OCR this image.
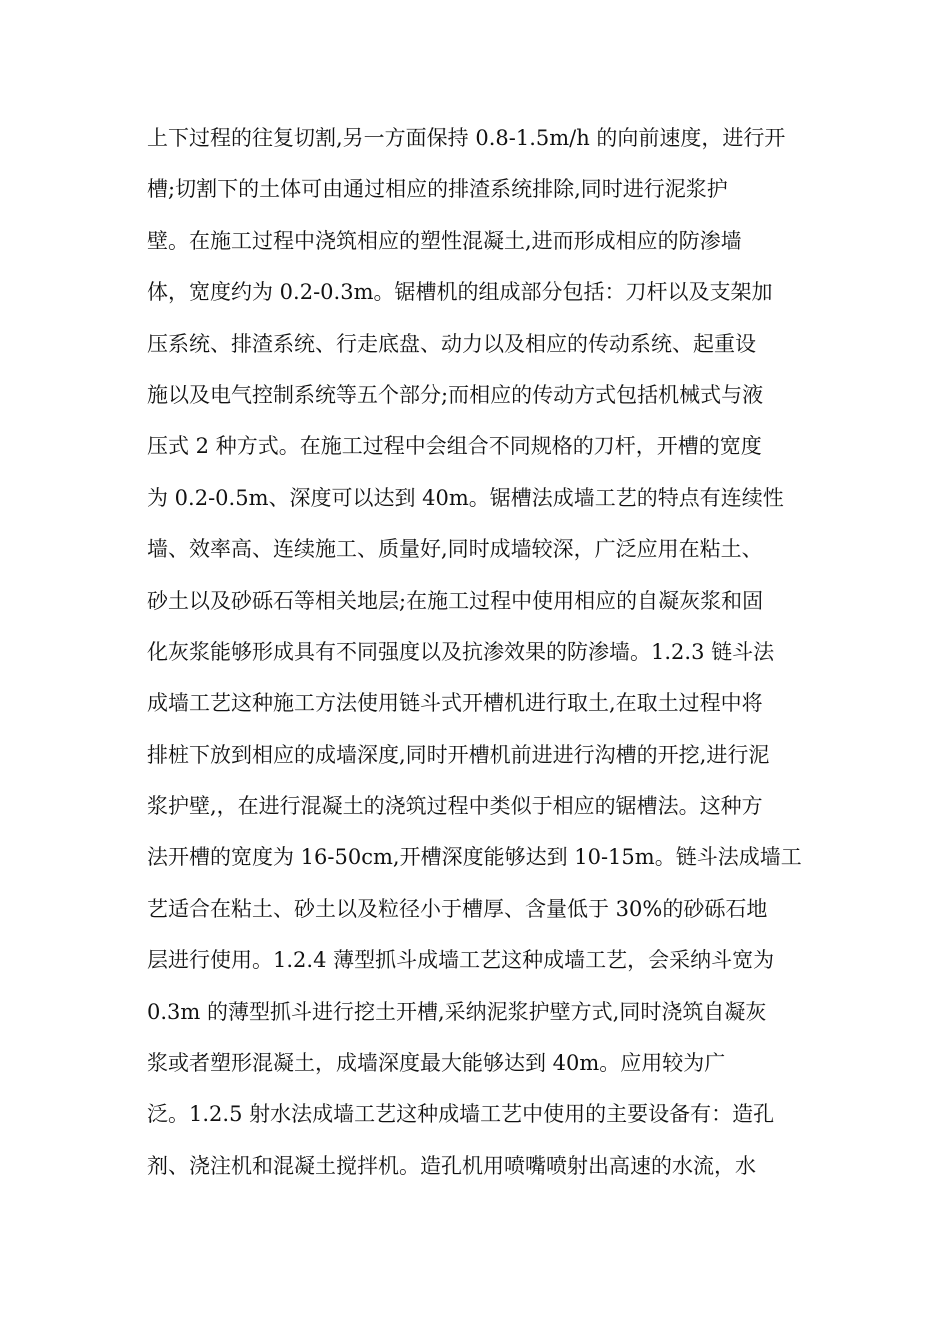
上下过程的往复切割,另一方面保持 0.8-1.5m/h 的向前速度，进行开
槽;切割下的土体可由通过相应的排渣系统排除,同时进行泥浆护
壁。在施工过程中浇筑相应的塑性混凝土,进而形成相应的防渗墙
体，宽度约为 0.2-0.3m。锯槽机的组成部分包括：刀杆以及支架加
压系统、排渣系统、行走底盘、动力以及相应的传动系统、起重设
施以及电气控制系统等五个部分;而相应的传动方式包括机械式与液
压式 2 种方式。在施工过程中会组合不同规格的刀杆，开槽的宽度
为 0.2-0.5m、深度可以达到 40m。锯槽法成墙工艺的特点有连续性
墙、效率高、连续施工、质量好,同时成墙较深，广泛应用在粘土、
砂土以及砂砾石等相关地层;在施工过程中使用相应的自凝灰浆和固
化灰浆能够形成具有不同强度以及抗渗效果的防渗墙。1.2.3 链斗法
成墙工艺这种施工方法使用链斗式开槽机进行取土,在取土过程中将
排桩下放到相应的成墙深度,同时开槽机前进进行沟槽的开挖,进行泥
浆护壁,，在进行混凝土的浇筑过程中类似于相应的锯槽法。这种方
法开槽的宽度为 16-50cm,开槽深度能够达到 10-15m。链斗法成墙工
艺适合在粘土、砂土以及粒径小于槽厚、含量低于 30%的砂砾石地
层进行使用。1.2.4 薄型抓斗成墙工艺这种成墙工艺，会采纳斗宽为
0.3m 的薄型抓斗进行挖土开槽,采纳泥浆护壁方式,同时浇筑自凝灰
浆或者塑形混凝土，成墙深度最大能够达到 40m。应用较为广
泛。1.2.5 射水法成墙工艺这种成墙工艺中使用的主要设备有：造孔
剂、浇注机和混凝土搅拌机。造孔机用喷嘴喷射出高速的水流，水
